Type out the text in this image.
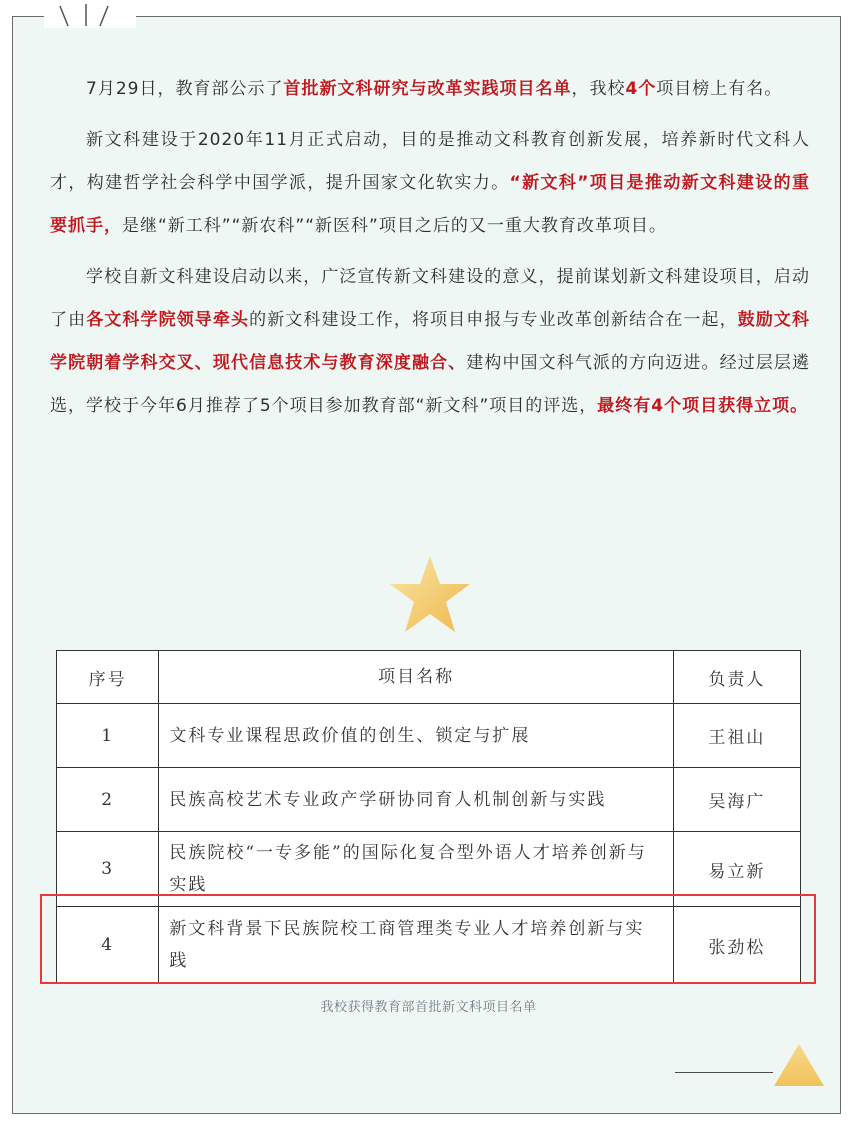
7月29日，教育部公示了首批新文科研究与改革实践项目名单，我校4个项目榜上有名。

新文科建设于2020年11月正式启动，目的是推动文科教育创新发展，培养新时代文科人才，构建哲学社会科学中国学派，提升国家文化软实力。“新文科”项目是推动新文科建设的重要抓手，是继“新工科”“新农科”“新医科”项目之后的又一重大教育改革项目。

学校自新文科建设启动以来，广泛宣传新文科建设的意义，提前谋划新文科建设项目，启动了由各文科学院领导牵头的新文科建设工作，将项目申报与专业改革创新结合在一起，鼓励文科学院朝着学科交叉、现代信息技术与教育深度融合、建构中国文科气派的方向迈进。经过层层遴选，学校于今年6月推荐了5个项目参加教育部“新文科”项目的评选，最终有4个项目获得立项。

序号	项目名称	负责人
1	文科专业课程思政价值的创生、锁定与扩展	王祖山
2	民族高校艺术专业政产学研协同育人机制创新与实践	吴海广
3	民族院校“一专多能”的国际化复合型外语人才培养创新与实践	易立新
4	新文科背景下民族院校工商管理类专业人才培养创新与实践	张劲松
我校获得教育部首批新文科项目名单
